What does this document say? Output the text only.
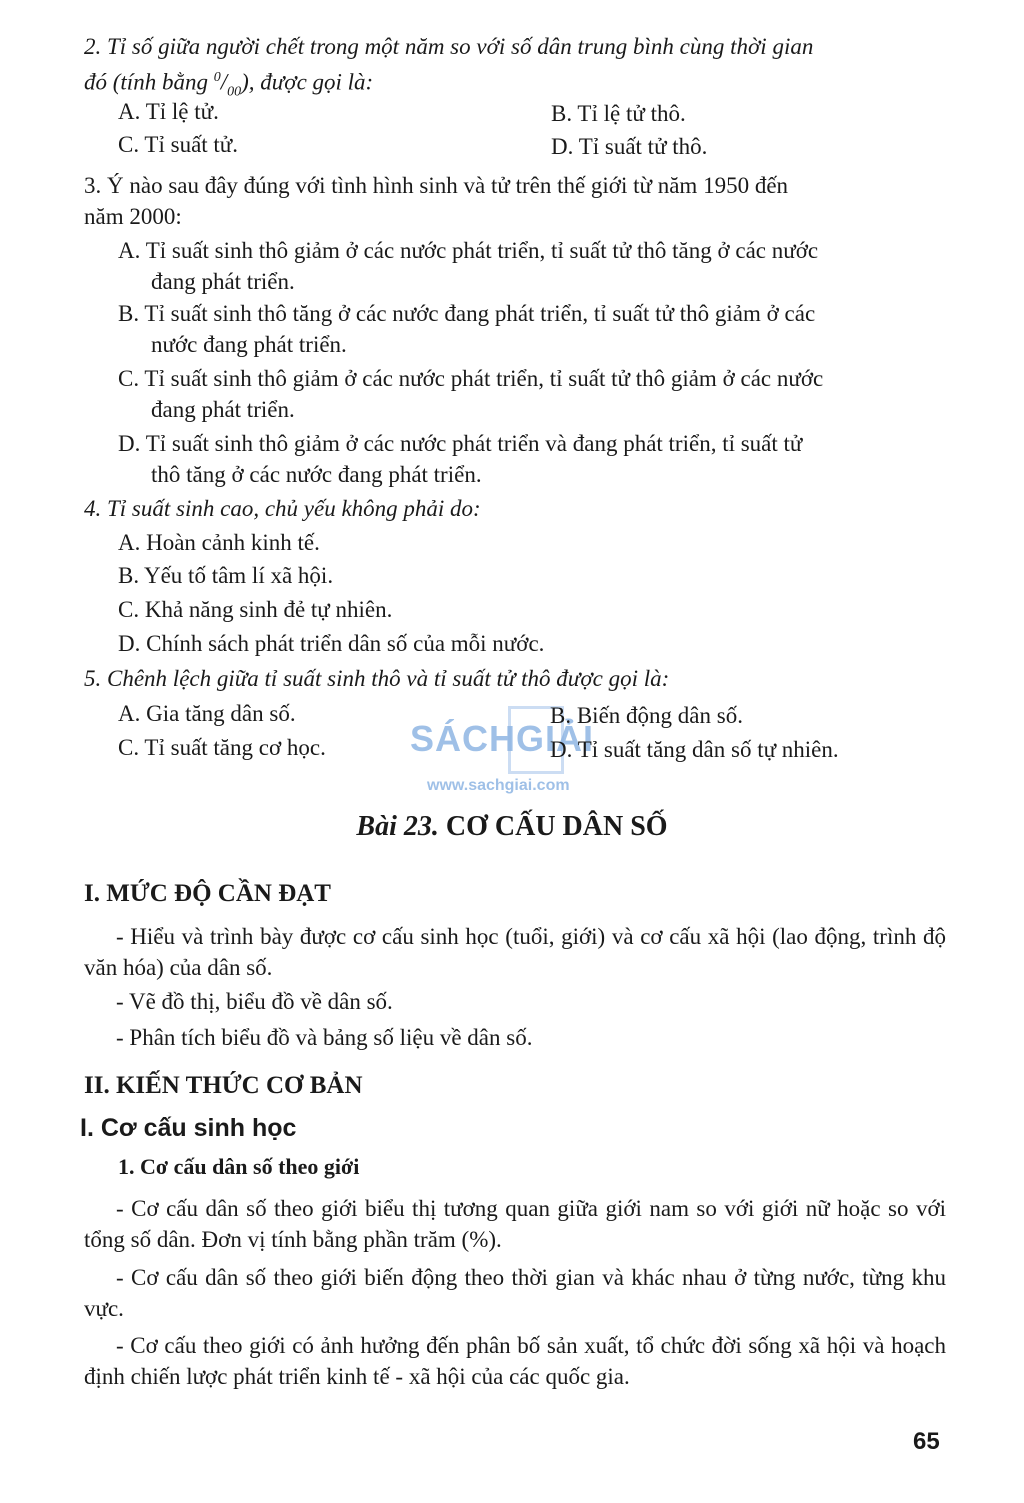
2. Tỉ số giữa người chết trong một năm so với số dân trung bình cùng thời gian
đó (tính bằng $^0/_{00}$), được gọi là:
A. Tỉ lệ tử.	B. Tỉ lệ tử thô.
C. Tỉ suất tử.	D. Tỉ suất tử thô.
3. Ý nào sau đây đúng với tình hình sinh và tử trên thế giới từ năm 1950 đến
năm 2000:
A. Tỉ suất sinh thô giảm ở các nước phát triển, tỉ suất tử thô tăng ở các nước

đang phát triển.
B. Tỉ suất sinh thô tăng ở các nước đang phát triển, tỉ suất tử thô giảm ở các

nước đang phát triển.
C. Tỉ suất sinh thô giảm ở các nước phát triển, tỉ suất tử thô giảm ở các nước

đang phát triển.
D. Tỉ suất sinh thô giảm ở các nước phát triển và đang phát triển, tỉ suất tử

thô tăng ở các nước đang phát triển.
4. Tỉ suất sinh cao, chủ yếu không phải do:
A. Hoàn cảnh kinh tế.
B. Yếu tố tâm lí xã hội.
C. Khả năng sinh đẻ tự nhiên.
D. Chính sách phát triển dân số của mỗi nước.
5. Chênh lệch giữa tỉ suất sinh thô và tỉ suất tử thô được gọi là:
SÁCHGIẢI
www.sachgiai.com
A. Gia tăng dân số.	B. Biến động dân số.
C. Tỉ suất tăng cơ học.	D. Tỉ suất tăng dân số tự nhiên.
Bài 23. CƠ CẤU DÂN SỐ
I. MỨC ĐỘ CẦN ĐẠT
- Hiểu và trình bày được cơ cấu sinh học (tuổi, giới) và cơ cấu xã hội (lao động, trình độ văn hóa) của dân số.
- Vẽ đồ thị, biểu đồ về dân số.
- Phân tích biểu đồ và bảng số liệu về dân số.
II. KIẾN THỨC CƠ BẢN
I. Cơ cấu sinh học
1. Cơ cấu dân số theo giới
- Cơ cấu dân số theo giới biểu thị tương quan giữa giới nam so với giới nữ hoặc so với tổng số dân. Đơn vị tính bằng phần trăm (%).
- Cơ cấu dân số theo giới biến động theo thời gian và khác nhau ở từng nước, từng khu vực.
- Cơ cấu theo giới có ảnh hưởng đến phân bố sản xuất, tổ chức đời sống xã hội và hoạch định chiến lược phát triển kinh tế - xã hội của các quốc gia.
65
